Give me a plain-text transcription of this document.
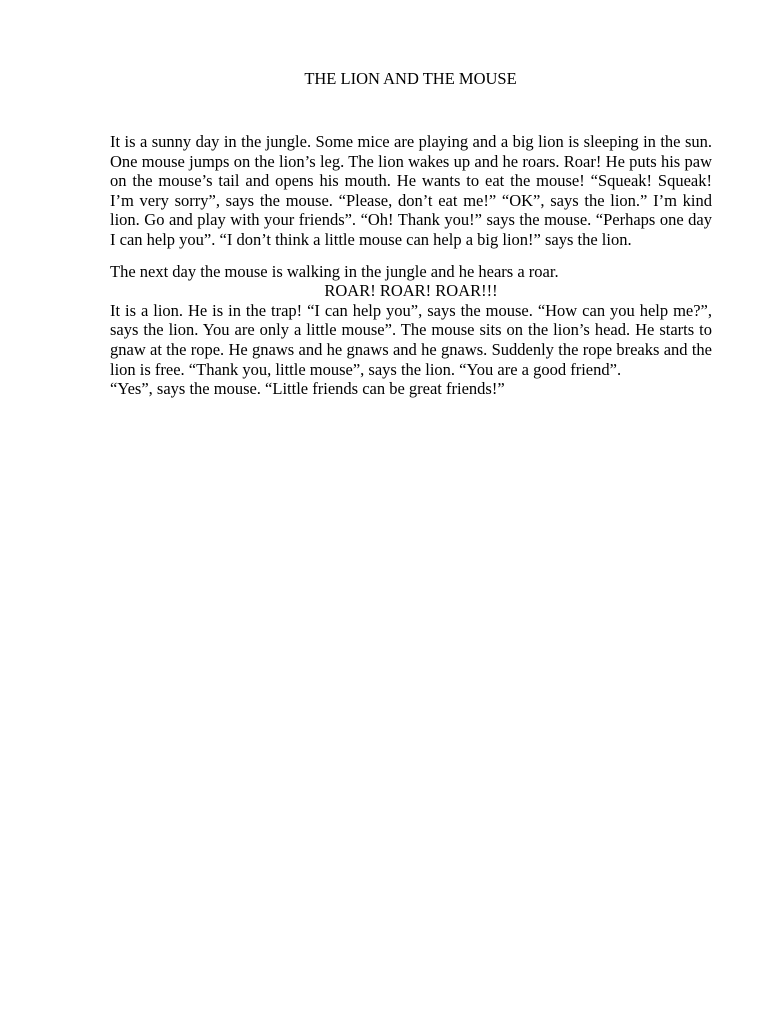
THE LION AND THE MOUSE

It is a sunny day in the jungle. Some mice are playing and a big lion is sleeping in the sun. One mouse jumps on the lion’s leg. The lion wakes up and he roars. Roar! He puts his paw on the mouse’s tail and opens his mouth. He wants to eat the mouse! “Squeak! Squeak! I’m very sorry”, says the mouse. “Please, don’t eat me!” “OK”, says the lion.” I’m kind lion. Go and play with your friends”. “Oh! Thank you!” says the mouse. “Perhaps one day I can help you”. “I don’t think a little mouse can help a big lion!” says the lion.

The next day the mouse is walking in the jungle and he hears a roar.

ROAR! ROAR! ROAR!!!

It is a lion. He is in the trap! “I can help you”, says the mouse. “How can you help me?”, says the lion. You are only a little mouse”. The mouse sits on the lion’s head. He starts to gnaw at the rope. He gnaws and he gnaws and he gnaws. Suddenly the rope breaks and the lion is free. “Thank you, little mouse”, says the lion. “You are a good friend”.

“Yes”, says the mouse. “Little friends can be great friends!”
